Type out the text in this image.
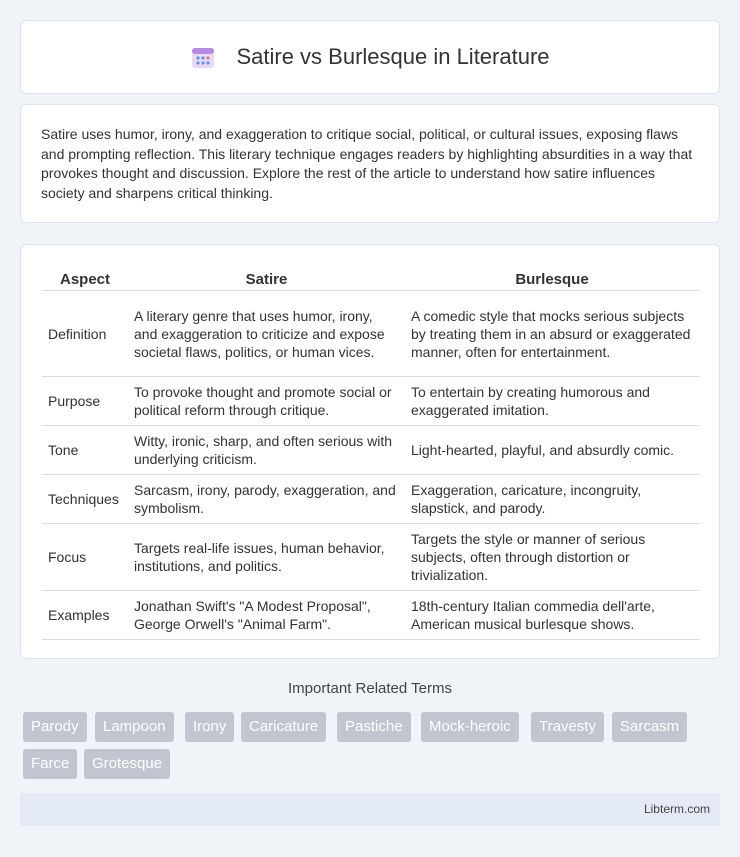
Satire vs Burlesque in Literature

Satire uses humor, irony, and exaggeration to critique social, political, or cultural issues, exposing flaws and prompting reflection. This literary technique engages readers by highlighting absurdities in a way that provokes thought and discussion. Explore the rest of the article to understand how satire influences society and sharpens critical thinking.

Aspect	Satire	Burlesque
Definition	A literary genre that uses humor, irony, and exaggeration to criticize and expose societal flaws, politics, or human vices.	A comedic style that mocks serious subjects by treating them in an absurd or exaggerated manner, often for entertainment.
Purpose	To provoke thought and promote social or political reform through critique.	To entertain by creating humorous and exaggerated imitation.
Tone	Witty, ironic, sharp, and often serious with underlying criticism.	Light-hearted, playful, and absurdly comic.
Techniques	Sarcasm, irony, parody, exaggeration, and symbolism.	Exaggeration, caricature, incongruity, slapstick, and parody.
Focus	Targets real-life issues, human behavior, institutions, and politics.	Targets the style or manner of serious subjects, often through distortion or trivialization.
Examples	Jonathan Swift's "A Modest Proposal", George Orwell's "Animal Farm".	18th-century Italian commedia dell'arte, American musical burlesque shows.
Important Related Terms
Parody	Lampoon	Irony	Caricature	Pastiche	Mock-heroic	Travesty	Sarcasm
Farce	Grotesque
Libterm.com
